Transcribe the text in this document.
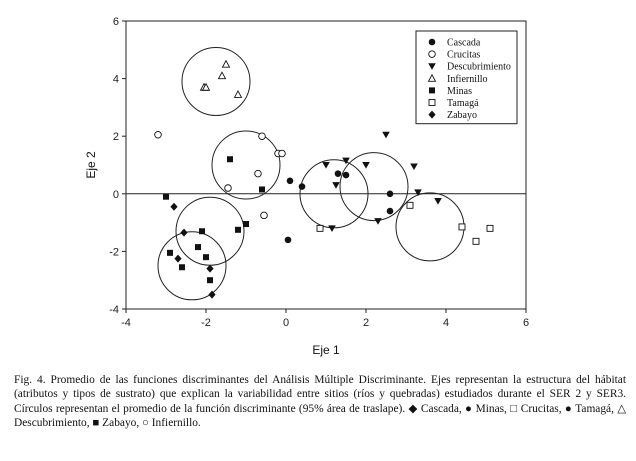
-4	-2	0	2	4	6
-4
-2
0
2
4
6
Cascada
Crucitas
Descubrimiento
Infiernillo
Minas
Tamagá
Zabayo
Eje 1
Eje 2

Fig. 4. Promedio de las funciones discriminantes del Análisis Múltiple Discriminante. Ejes representan la estructura del hábitat (atributos y tipos de sustrato) que explican la variabilidad entre sitios (ríos y quebradas) estudiados durante el SER 2 y SER3. Círculos representan el promedio de la función discriminante (95% área de traslape). ◆ Cascada, ● Minas, □ Crucitas, ● Tamagá, △ Descubrimiento, ■ Zabayo, ○ Infiernillo.
